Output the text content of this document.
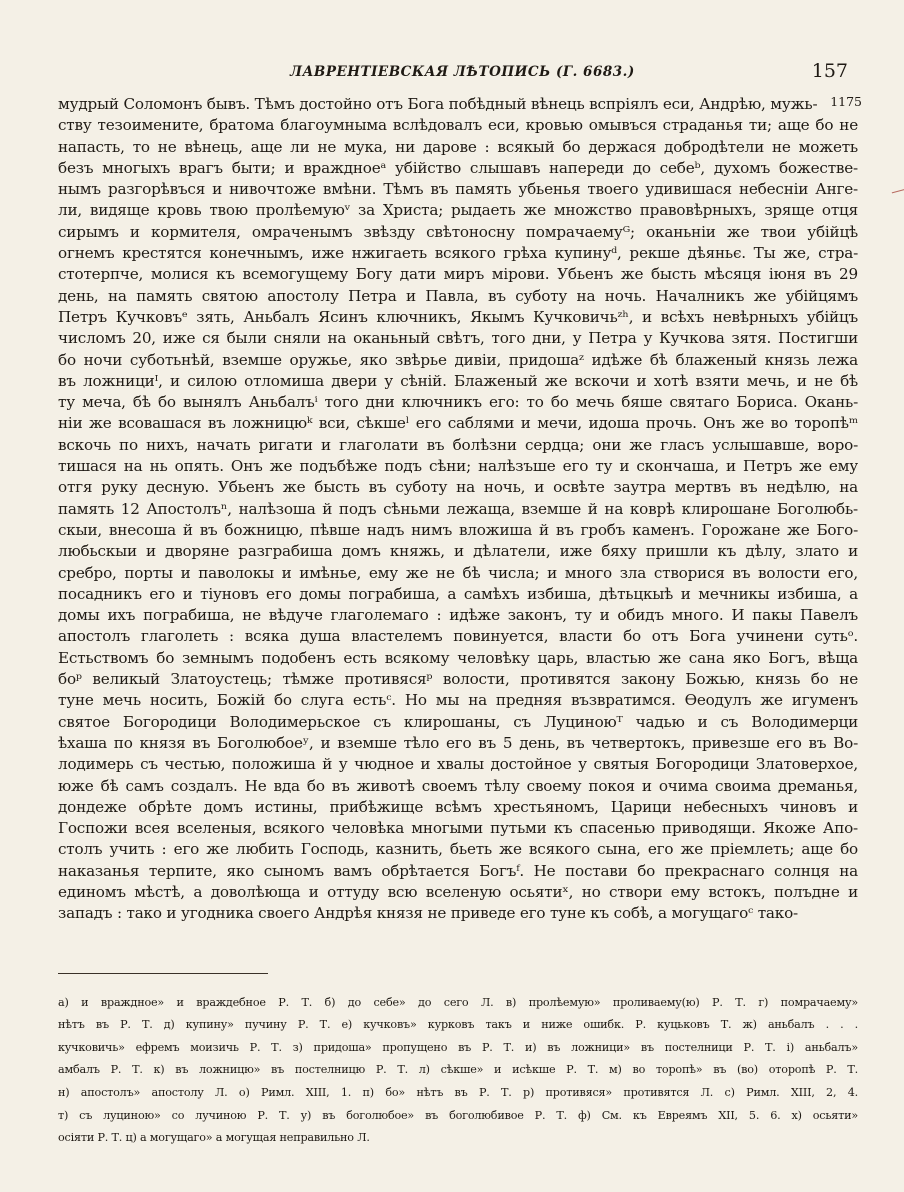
ЛАВРЕНТІЕВСКАЯ ЛѢТОПИСЬ (Г. 6683.)	157
1175
мудрый Соломонъ бывъ. Тѣмъ достойно отъ Бога побѣдный вѣнець вспріялъ еси, Андрѣю, мужь-
ству тезоимените, братома благоумныма вслѣдовалъ еси, кровью омывъся страданья ти; аще бо не
напасть, то не вѣнець, аще ли не мука, ни дарове : всякый бо держася добродѣтели не можеть
безъ многыхъ врагъ быти; и враждноеᵃ убійство слышавъ напереди до себеᵇ, духомъ божестве-
нымъ разгорѣвъся и нивочтоже вмѣни. Тѣмъ въ память убьенья твоего удивишася небесніи Анге-
ли, видяще кровь твою пролѣемуюᵛ за Христа; рыдаеть же множство правовѣрныхъ, зряще отця
сирымъ и кормителя, омраченымъ звѣзду свѣтоносну помрачаемуᴳ; оканьніи же твои убійцѣ
огнемъ крестятся конечнымъ, иже нжигаеть всякого грѣха купинуᵈ, рекше дѣяньє. Ты же, стра-
стотерпче, молися къ всемогущему Богу дати миръ мірови. Убьенъ же бысть мѣсяця іюня въ 29
день, на память святою апостолу Петра и Павла, въ суботу на ночь. Началникъ же убійцямъ
Петръ Кучковъᵉ зять, Аньбалъ Ясинъ ключникъ, Якымъ Кучковичьᶻʰ, и всѣхъ невѣрныхъ убійцъ
числомъ 20, иже ся были сняли на оканьный свѣтъ, того дни, у Петра у Кучкова зятя. Постигши
бо ночи суботьнѣй, вземше оружье, яко звѣрье дивіи, придошаᶻ идѣже бѣ блаженый князь лежа
въ ложнициᴵ, и силою отломиша двери у сѣній. Блаженый же вскочи и хотѣ взяти мечь, и не бѣ
ту меча, бѣ бо вынялъ Аньбалъⁱ того дни ключникъ его: то бо мечь бяше святаго Бориса. Окань-
ніи же всовашася въ ложницюᵏ вси, сѣкшеˡ его саблями и мечи, идоша прочь. Онъ же во торопѣᵐ
вскочь по нихъ, начать ригати и глаголати въ болѣзни сердца; они же гласъ услышавше, воро-
тишася на нь опять. Онъ же подъбѣже подъ сѣни; налѣзъше его ту и скончаша, и Петръ же ему
отгя руку десную. Убьенъ же бысть въ суботу на ночь, и освѣте заутра мертвъ въ недѣлю, на
память 12 Апостолъⁿ, налѣзоша й подъ сѣньми лежаща, вземше й на коврѣ клирошане Боголюбь-
скыи, внесоша й въ божницю, пѣвше надъ нимъ вложиша й въ гробъ каменъ. Горожане же Бого-
любьскыи и дворяне разграбиша домъ княжь, и дѣлатели, иже бяху пришли къ дѣлу, злато и
сребро, порты и паволокы и имѣнье, ему же не бѣ числа; и много зла створися въ волости его,
посадникъ его и тіуновъ его домы пограбиша, а самѣхъ избиша, дѣтьцкыѣ и мечникы избиша, а
домы ихъ пограбиша, не вѣдуче глаголемаго : идѣже законъ, ту и обидъ много. И пакы Павелъ
апостолъ глаголеть : всяка душа властелемъ повинуется, власти бо отъ Бога учинени сутьᵒ.
Естьствомъ бо земнымъ подобенъ есть всякому человѣку царь, властью же сана яко Богъ, вѣща
боᵖ великый Златоустець; тѣмже противясяᵖ волости, противятся закону Божью, князь бо не
туне мечь носить, Божій бо слуга естьᶜ. Но мы на предняя възвратимся. Ѳеодулъ же игуменъ
святое Богородици Володимерьское съ клирошаны, съ Луциноюᵀ чадью и съ Володимерци
ѣхаша по князя въ Боголюбоеʸ, и вземше тѣло его въ 5 день, въ четвертокъ, привезше его въ Во-
лодимерь съ честью, положиша й у чюдное и хвалы достойное у святыя Богородици Златоверхое,
юже бѣ самъ создалъ. Не вда бо въ животѣ своемъ тѣлу своему покоя и очима своима дреманья,
дондеже обрѣте домъ истины, прибѣжище всѣмъ хрестьяномъ, Царици небесныхъ чиновъ и
Госпожи всея вселеныя, всякого человѣка многыми путьми къ спасенью приводящи. Якоже Апо-
столъ учить : его же любить Господь, казнить, бьеть же всякого сына, его же пріемлеть; аще бо
наказанья терпите, яко сыномъ вамъ обрѣтается Богъᶠ. Не постави бо прекраснаго солнця на
единомъ мѣстѣ, а доволѣюща и оттуду всю вселеную осьятиˣ, но створи ему встокъ, полъдне и
западъ : тако и угодника своего Андрѣя князя не приведе его туне къ собѣ, а могущагоᶜ тако-
а) и враждное» и враждебное Р. Т. б) до себе» до сего Л. в) пролѣемую» проливаему(ю) Р. Т. г) помрачаему»
нѣтъ въ Р. Т. д) купину» пучину Р. Т. е) кучковъ» курковъ такъ и ниже ошибк. Р. куцьковъ Т. ж) аньбалъ . . .
кучковичь» ефремъ моизичь Р. Т. з) придоша» пропущено въ Р. Т. и) въ ложници» въ постелници Р. Т. і) аньбалъ»
амбалъ Р. Т. к) въ ложницю» въ постелницю Р. Т. л) сѣкше» и исѣкше Р. Т. м) во торопѣ» въ (во) оторопѣ Р. Т.
н) апостолъ» апостолу Л. о) Римл. XIII, 1. п) бо» нѣтъ въ Р. Т. р) противяся» противятся Л. с) Римл. XIII, 2, 4.
т) съ луциною» со лучиною Р. Т. у) въ боголюбое» въ боголюбивое Р. Т. ф) См. къ Евреямъ XII, 5. 6. х) осьяти»
осіяти Р. Т. ц) а могущаго» а могущая неправильно Л.
